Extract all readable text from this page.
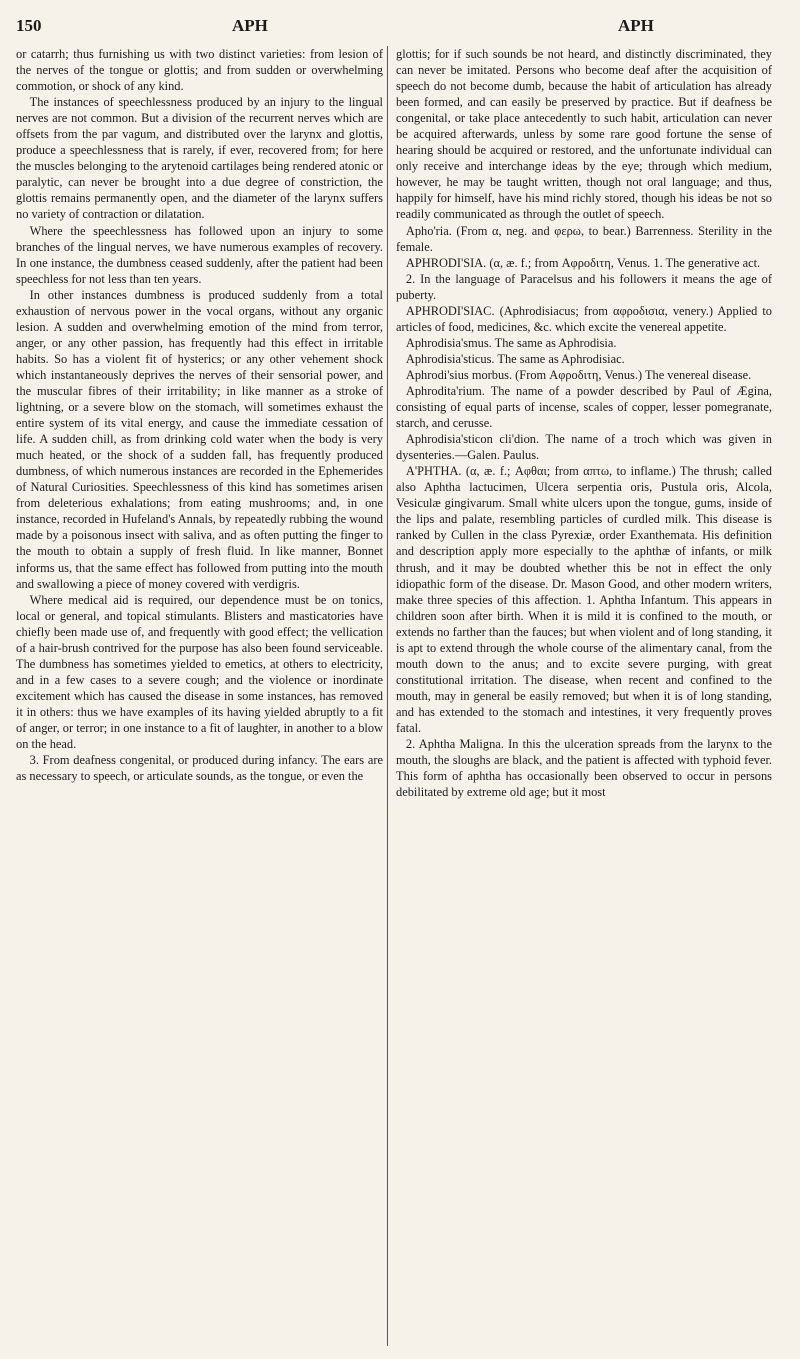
150	APH	APH

or catarrh; thus furnishing us with two distinct varieties: from lesion of the nerves of the tongue or glottis; and from sudden or overwhelming commotion, or shock of any kind.

The instances of speechlessness produced by an injury to the lingual nerves are not common. But a division of the recurrent nerves which are offsets from the par vagum, and distributed over the larynx and glottis, produce a speechlessness that is rarely, if ever, recovered from; for here the muscles belonging to the arytenoid cartilages being rendered atonic or paralytic, can never be brought into a due degree of constriction, the glottis remains permanently open, and the diameter of the larynx suffers no variety of contraction or dilatation.

Where the speechlessness has followed upon an injury to some branches of the lingual nerves, we have numerous examples of recovery. In one instance, the dumbness ceased suddenly, after the patient had been speechless for not less than ten years.

In other instances dumbness is produced suddenly from a total exhaustion of nervous power in the vocal organs, without any organic lesion. A sudden and overwhelming emotion of the mind from terror, anger, or any other passion, has frequently had this effect in irritable habits. So has a violent fit of hysterics; or any other vehement shock which instantaneously deprives the nerves of their sensorial power, and the muscular fibres of their irritability; in like manner as a stroke of lightning, or a severe blow on the stomach, will sometimes exhaust the entire system of its vital energy, and cause the immediate cessation of life. A sudden chill, as from drinking cold water when the body is very much heated, or the shock of a sudden fall, has frequently produced dumbness, of which numerous instances are recorded in the Ephemerides of Natural Curiosities. Speechlessness of this kind has sometimes arisen from deleterious exhalations; from eating mushrooms; and, in one instance, recorded in Hufeland's Annals, by repeatedly rubbing the wound made by a poisonous insect with saliva, and as often putting the finger to the mouth to obtain a supply of fresh fluid. In like manner, Bonnet informs us, that the same effect has followed from putting into the mouth and swallowing a piece of money covered with verdigris.

Where medical aid is required, our dependence must be on tonics, local or general, and topical stimulants. Blisters and masticatories have chiefly been made use of, and frequently with good effect; the vellication of a hair-brush contrived for the purpose has also been found serviceable. The dumbness has sometimes yielded to emetics, at others to electricity, and in a few cases to a severe cough; and the violence or inordinate excitement which has caused the disease in some instances, has removed it in others: thus we have examples of its having yielded abruptly to a fit of anger, or terror; in one instance to a fit of laughter, in another to a blow on the head.

3. From deafness congenital, or produced during infancy. The ears are as necessary to speech, or articulate sounds, as the tongue, or even the

glottis; for if such sounds be not heard, and distinctly discriminated, they can never be imitated. Persons who become deaf after the acquisition of speech do not become dumb, because the habit of articulation has already been formed, and can easily be preserved by practice. But if deafness be congenital, or take place antecedently to such habit, articulation can never be acquired afterwards, unless by some rare good fortune the sense of hearing should be acquired or restored, and the unfortunate individual can only receive and interchange ideas by the eye; through which medium, however, he may be taught written, though not oral language; and thus, happily for himself, have his mind richly stored, though his ideas be not so readily communicated as through the outlet of speech.

Apho'ria. (From α, neg. and φερω, to bear.) Barrenness. Sterility in the female.

APHRODI'SIA. (α, æ. f.; from Αφροδιτη, Venus. 1. The generative act.

2. In the language of Paracelsus and his followers it means the age of puberty.

APHRODI'SIAC. (Aphrodisiacus; from αφροδισια, venery.) Applied to articles of food, medicines, &c. which excite the venereal appetite.

Aphrodisia'smus. The same as Aphrodisia.

Aphrodisia'sticus. The same as Aphrodisiac.

Aphrodi'sius morbus. (From Αφροδιτη, Venus.) The venereal disease.

Aphrodita'rium. The name of a powder described by Paul of Ægina, consisting of equal parts of incense, scales of copper, lesser pomegranate, starch, and cerusse.

Aphrodisia'sticon cli'dion. The name of a troch which was given in dysenteries.—Galen. Paulus.

A'PHTHA. (α, æ. f.; Αφθαι; from απτω, to inflame.) The thrush; called also Aphtha lactucimen, Ulcera serpentia oris, Pustula oris, Alcola, Vesiculæ gingivarum. Small white ulcers upon the tongue, gums, inside of the lips and palate, resembling particles of curdled milk. This disease is ranked by Cullen in the class Pyrexiæ, order Exanthemata. His definition and description apply more especially to the aphthæ of infants, or milk thrush, and it may be doubted whether this be not in effect the only idiopathic form of the disease. Dr. Mason Good, and other modern writers, make three species of this affection. 1. Aphtha Infantum. This appears in children soon after birth. When it is mild it is confined to the mouth, or extends no farther than the fauces; but when violent and of long standing, it is apt to extend through the whole course of the alimentary canal, from the mouth down to the anus; and to excite severe purging, with great constitutional irritation. The disease, when recent and confined to the mouth, may in general be easily removed; but when it is of long standing, and has extended to the stomach and intestines, it very frequently proves fatal.

2. Aphtha Maligna. In this the ulceration spreads from the larynx to the mouth, the sloughs are black, and the patient is affected with typhoid fever. This form of aphtha has occasionally been observed to occur in persons debilitated by extreme old age; but it most
